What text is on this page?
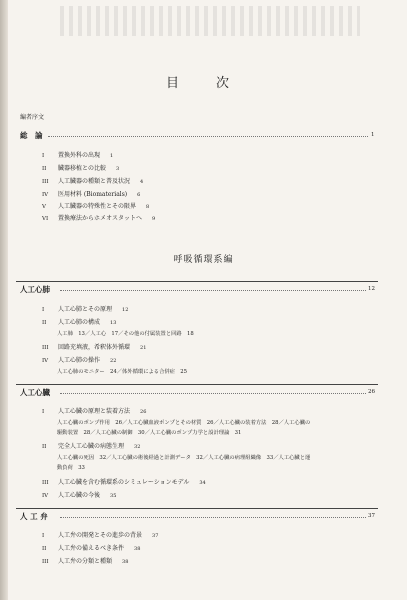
目　次
編者序文
総　論	1
I 置換外科の出現 1
II 臓器移植との比較 3
III 人工臓器の種類と普及状況 4
IV 医用材料 (Biomaterials) 6
V 人工臓器の特殊性とその限界 8
VI 置換療法からホメオスタットへ 9
呼吸循環系編
人工心肺	12
I 人工心肺とその原理 12
II 人工心肺の構成 13
人工肺　13／人工心　17／その他の付属装置と回路　18
III 回路充填液，希釈体外循環 21
IV 人工心肺の操作 22
人工心肺のモニター　24／体外循環による合併症　25
人工心臓	26
I 人工心臓の原理と装着方法 26
人工心臓のポンプ作用　26／人工心臓血液ポンプとその材質　26／人工心臓の装着方法　28／人工心臓の
駆動装置　28／人工心臓の制御　30／人工心臓のポンプ力学と設計理論　31
II 完全人工心臓の病態生理 32
人工心臓の死因　32／人工心臓の術後経過と計測データ　32／人工心臓の病理組織像　33／人工心臓と運
動負荷　33
III 人工心臓を含む循環系のシミュレーションモデル 34
IV 人工心臓の今後 35
人 工 弁	37
I 人工弁の開発とその進歩の背景 37
II 人工弁の備えるべき条件 38
III 人工弁の分類と種類 38
